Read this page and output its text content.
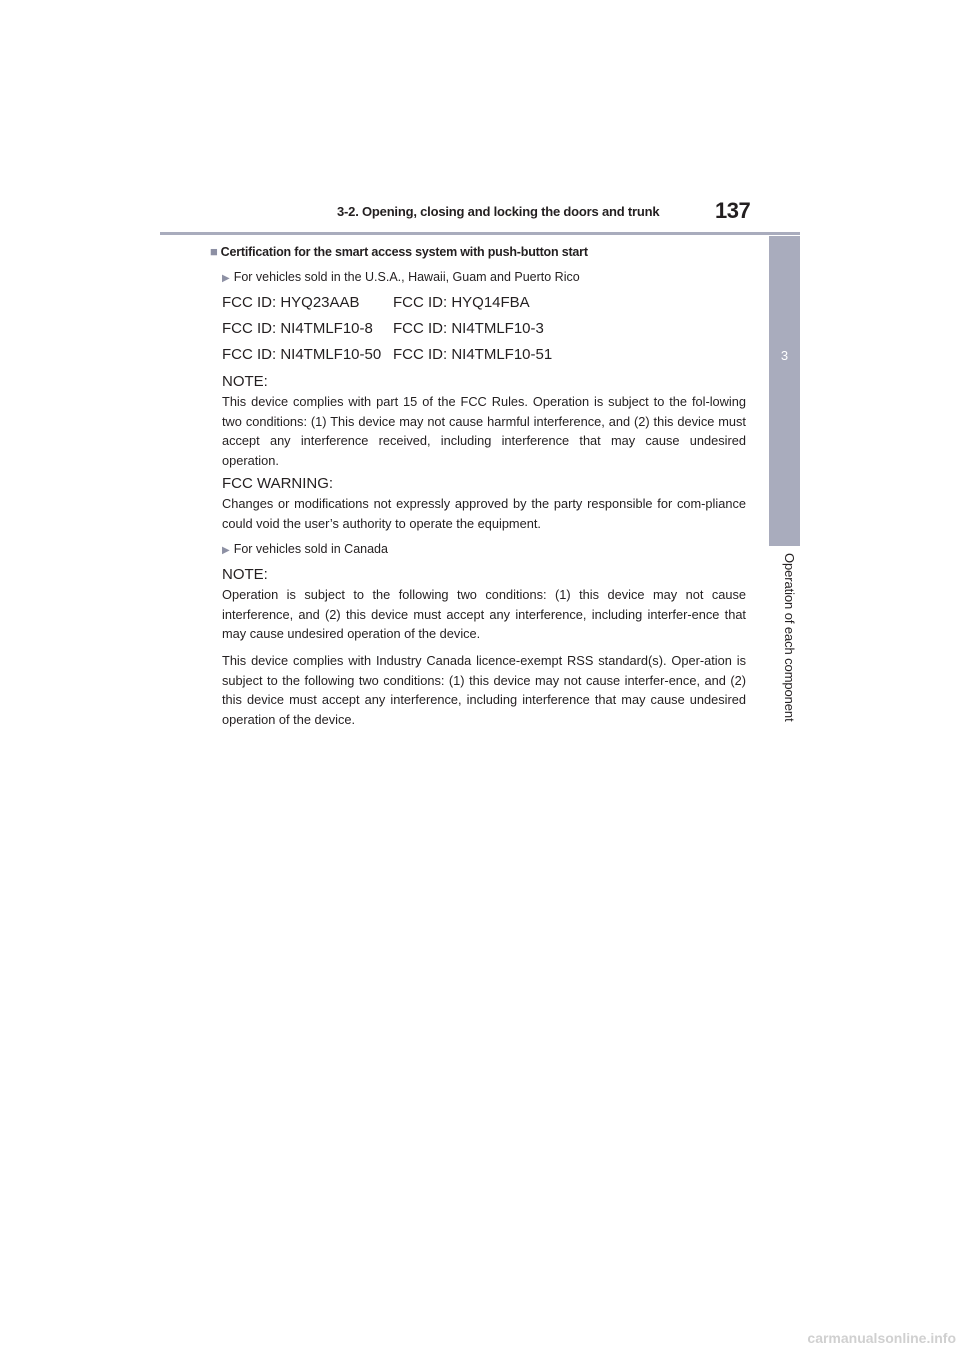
3-2. Opening, closing and locking the doors and trunk	137
3
Operation of each component
■ Certification for the smart access system with push-button start
▶ For vehicles sold in the U.S.A., Hawaii, Guam and Puerto Rico
FCC ID: HYQ23AAB FCC ID: HYQ14FBA
FCC ID: NI4TMLF10-8 FCC ID: NI4TMLF10-3
FCC ID: NI4TMLF10-50 FCC ID: NI4TMLF10-51
NOTE:
This device complies with part 15 of the FCC Rules. Operation is subject to the fol-lowing two conditions: (1) This device may not cause harmful interference, and (2) this device must accept any interference received, including interference that may cause undesired operation.
FCC WARNING:
Changes or modifications not expressly approved by the party responsible for com-pliance could void the user’s authority to operate the equipment.
▶ For vehicles sold in Canada
NOTE:
Operation is subject to the following two conditions: (1) this device may not cause interference, and (2) this device must accept any interference, including interfer-ence that may cause undesired operation of the device.
This device complies with Industry Canada licence-exempt RSS standard(s). Oper-ation is subject to the following two conditions: (1) this device may not cause interfer-ence, and (2) this device must accept any interference, including interference that may cause undesired operation of the device.
carmanualsonline.info
